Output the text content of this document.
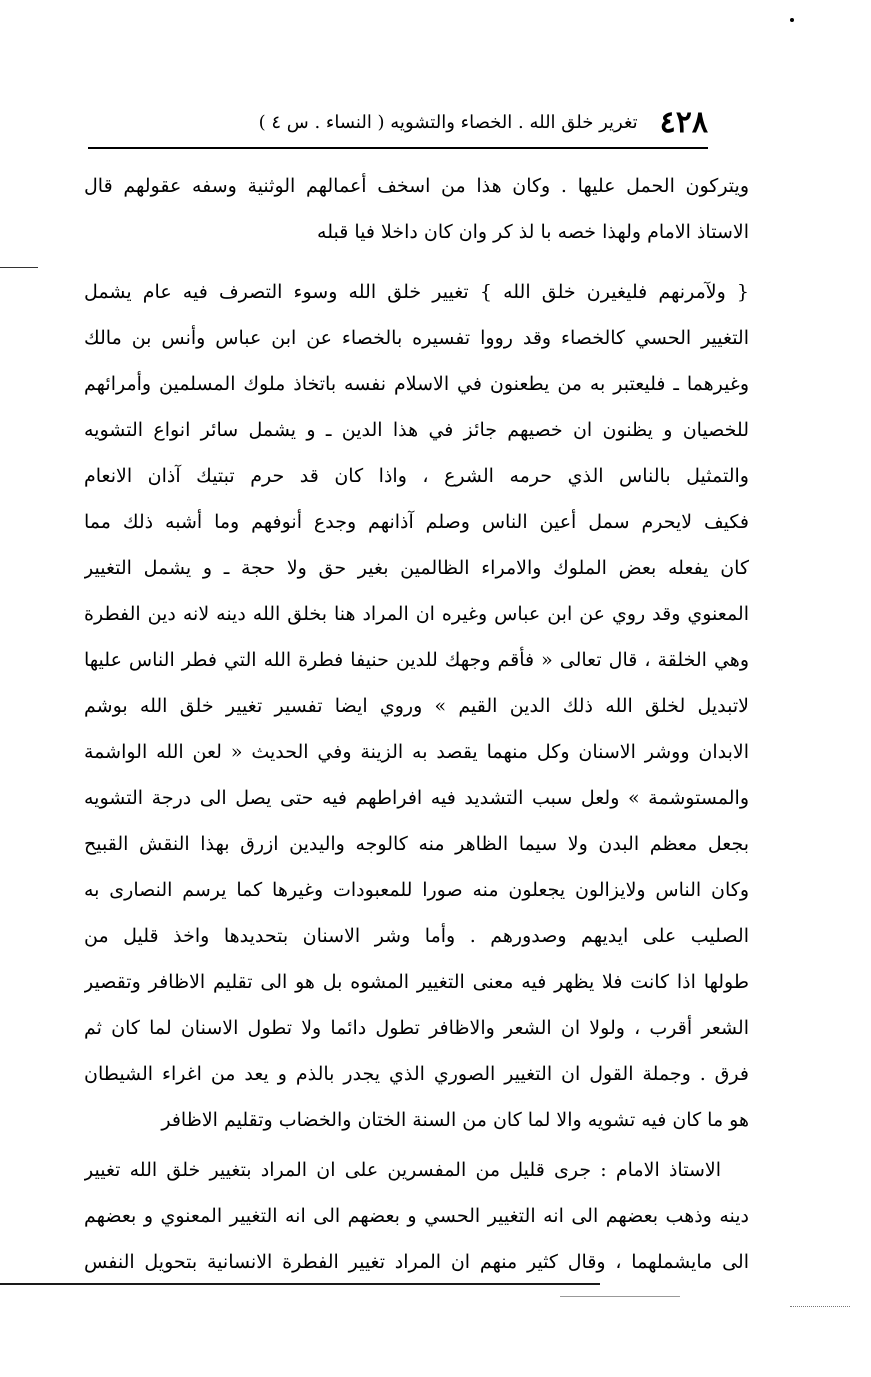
٤٢٨
تغرير خلق الله . الخصاء والتشويه ( النساء . س ٤ )
ويتركون الحمل عليها . وكان هذا من اسخف أعمالهم الوثنية وسفه عقولهم قال
الاستاذ الامام ولهذا خصه با لذ كر وان كان داخلا فيا قبله
{ ولآمرنهم فليغيرن خلق الله } تغيير خلق الله وسوء التصرف فيه عام يشمل
التغيير الحسي كالخصاء وقد رووا تفسيره بالخصاء عن ابن عباس وأنس بن مالك
وغيرهما ـ فليعتبر به من يطعنون في الاسلام نفسه باتخاذ ملوك المسلمين وأمرائهم
للخصيان و يظنون ان خصيهم جائز في هذا الدين ـ و يشمل سائر انواع التشويه
والتمثيل بالناس الذي حرمه الشرع ، واذا كان قد حرم تبتيك آذان الانعام
فكيف لايحرم سمل أعين الناس وصلم آذانهم وجدع أنوفهم وما أشبه ذلك مما
كان يفعله بعض الملوك والامراء الظالمين بغير حق ولا حجة ـ و يشمل التغيير
المعنوي وقد روي عن ابن عباس وغيره ان المراد هنا بخلق الله دينه لانه دين الفطرة
وهي الخلقة ، قال تعالى « فأقم وجهك للدين حنيفا فطرة الله التي فطر الناس عليها
لاتبديل لخلق الله ذلك الدين القيم » وروي ايضا تفسير تغيير خلق الله بوشم
الابدان ووشر الاسنان وكل منهما يقصد به الزينة وفي الحديث « لعن الله الواشمة
والمستوشمة » ولعل سبب التشديد فيه افراطهم فيه حتى يصل الى درجة التشويه
بجعل معظم البدن ولا سيما الظاهر منه كالوجه واليدين ازرق بهذا النقش القبيح
وكان الناس ولايزالون يجعلون منه صورا للمعبودات وغيرها كما يرسم النصارى به
الصليب على ايديهم وصدورهم . وأما وشر الاسنان بتحديدها واخذ قليل من
طولها اذا كانت فلا يظهر فيه معنى التغيير المشوه بل هو الى تقليم الاظافر وتقصير
الشعر أقرب ، ولولا ان الشعر والاظافر تطول دائما ولا تطول الاسنان لما كان ثم
فرق . وجملة القول ان التغيير الصوري الذي يجدر بالذم و يعد من اغراء الشيطان
هو ما كان فيه تشويه والا لما كان من السنة الختان والخضاب وتقليم الاظافر
الاستاذ الامام : جرى قليل من المفسرين على ان المراد بتغيير خلق الله تغيير
دينه وذهب بعضهم الى انه التغيير الحسي و بعضهم الى انه التغيير المعنوي و بعضهم
الى مايشملهما ، وقال كثير منهم ان المراد تغيير الفطرة الانسانية بتحويل النفس
